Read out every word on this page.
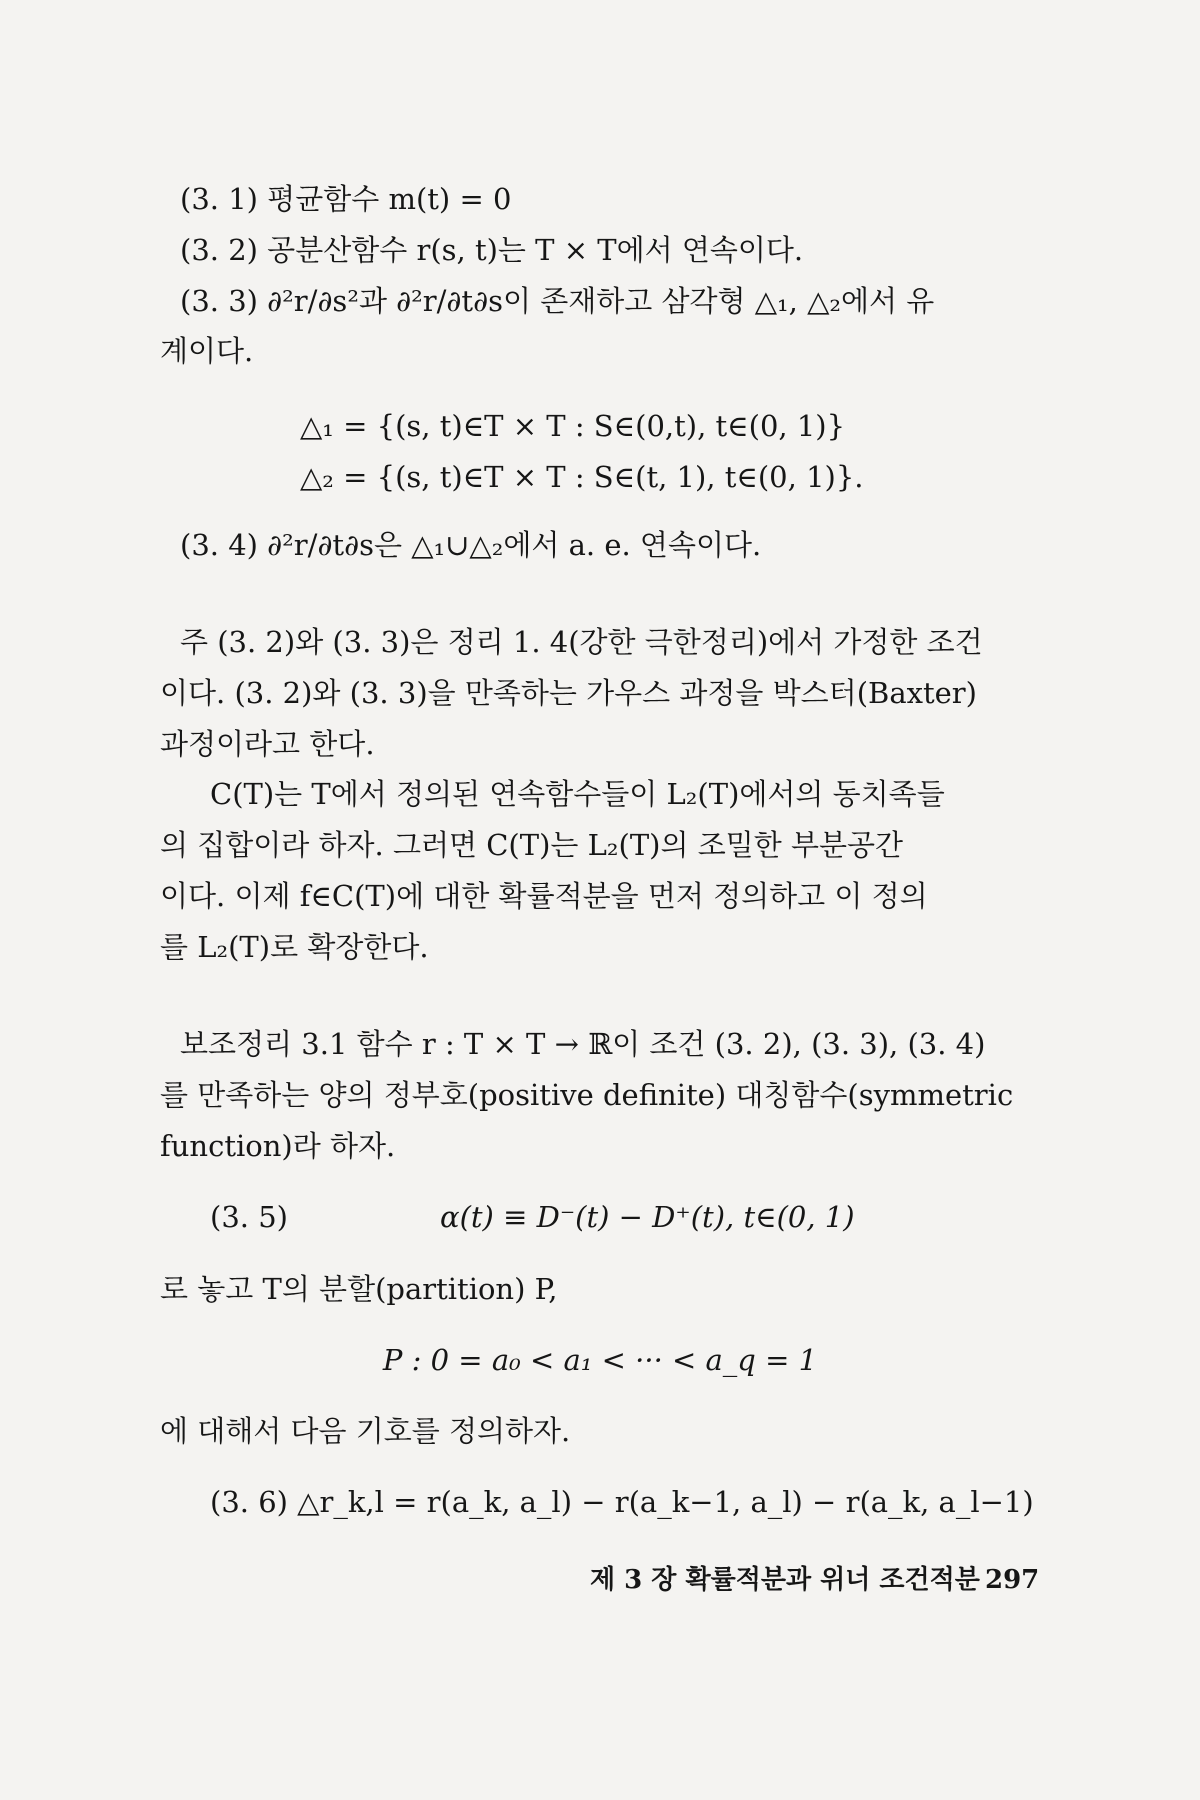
(3. 1) 평균함수 m(t) = 0
(3. 2) 공분산함수 r(s, t)는 T × T에서 연속이다.
(3. 3) ∂²r/∂s²과 ∂²r/∂t∂s이 존재하고 삼각형 △₁, △₂에서 유
계이다.
△₁ = {(s, t)∈T × T : S∈(0,t), t∈(0, 1)}
△₂ = {(s, t)∈T × T : S∈(t, 1), t∈(0, 1)}.
(3. 4) ∂²r/∂t∂s은 △₁∪△₂에서 a. e. 연속이다.
주 (3. 2)와 (3. 3)은 정리 1. 4(강한 극한정리)에서 가정한 조건
이다. (3. 2)와 (3. 3)을 만족하는 가우스 과정을 박스터(Baxter)
과정이라고 한다.
C(T)는 T에서 정의된 연속함수들이 L₂(T)에서의 동치족들
의 집합이라 하자. 그러면 C(T)는 L₂(T)의 조밀한 부분공간
이다. 이제 f∈C(T)에 대한 확률적분을 먼저 정의하고 이 정의
를 L₂(T)로 확장한다.
보조정리 3.1 함수 r : T × T → ℝ이 조건 (3. 2), (3. 3), (3. 4)
를 만족하는 양의 정부호(positive definite) 대칭함수(symmetric
function)라 하자.
(3. 5)	α(t) ≡ D⁻(t) − D⁺(t), t∈(0, 1)
로 놓고 T의 분할(partition) P,
P : 0 = a₀ < a₁ < ··· < a_q = 1
에 대해서 다음 기호를 정의하자.
(3. 6) △r_k,l = r(a_k, a_l) − r(a_k−1, a_l) − r(a_k, a_l−1)
제 3 장 확률적분과 위너 조건적분 297
